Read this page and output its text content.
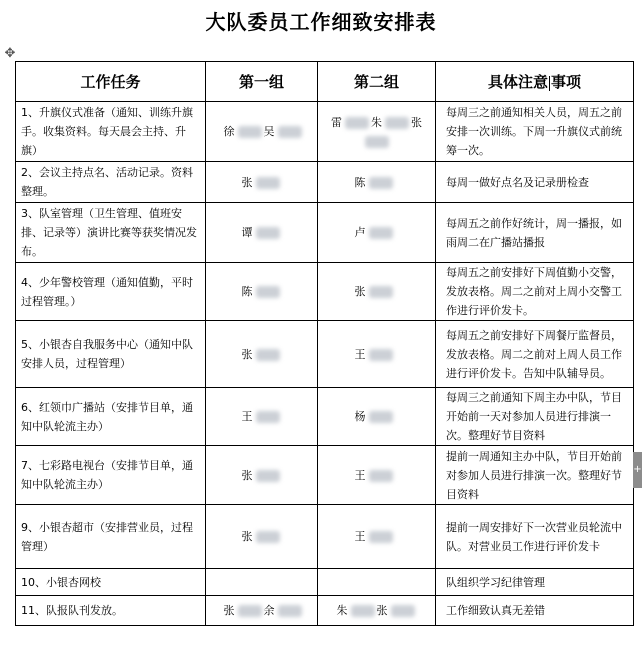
大队委员工作细致安排表
✥
工作任务	第一组	第二组	具体注意 事项
1、升旗仪式准备（通知、训练升旗手。收集资料。每天晨会主持、升旗）	徐 吴	雷 朱 张	每周三之前通知相关人员，周五之前安排一次训练。下周一升旗仪式前统筹一次。
2、会议主持点名、活动记录。资料整理。	张	陈	每周一做好点名及记录册检查
3、队室管理（卫生管理、值班安排、记录等）演讲比赛等获奖情况发布。	谭	卢	每周五之前作好统计，周一播报，如雨周二在广播站播报
4、少年警校管理（通知值勤，平时过程管理。）	陈	张	每周五之前安排好下周值勤小交警，发放表格。周二之前对上周小交警工作进行评价发卡。
5、小银杏自我服务中心（通知中队安排人员，过程管理）	张	王	每周五之前安排好下周餐厅监督员，发放表格。周二之前对上周人员工作进行评价发卡。告知中队辅导员。
6、红领巾广播站（安排节目单，通知中队轮流主办）	王	杨	每周三之前通知下周主办中队，节目开始前一天对参加人员进行排演一次。整理好节目资料
7、七彩路电视台（安排节目单，通知中队轮流主办）	张	王	提前一周通知主办中队，节目开始前对参加人员进行排演一次。整理好节目资料
9、小银杏超市（安排营业员，过程管理）	张	王	提前一周安排好下一次营业员轮流中队。对营业员工作进行评价发卡
10、小银杏网校			队组织学习纪律管理
11、队报队刊发放。	张 余	朱 张	工作细致认真无差错
+
